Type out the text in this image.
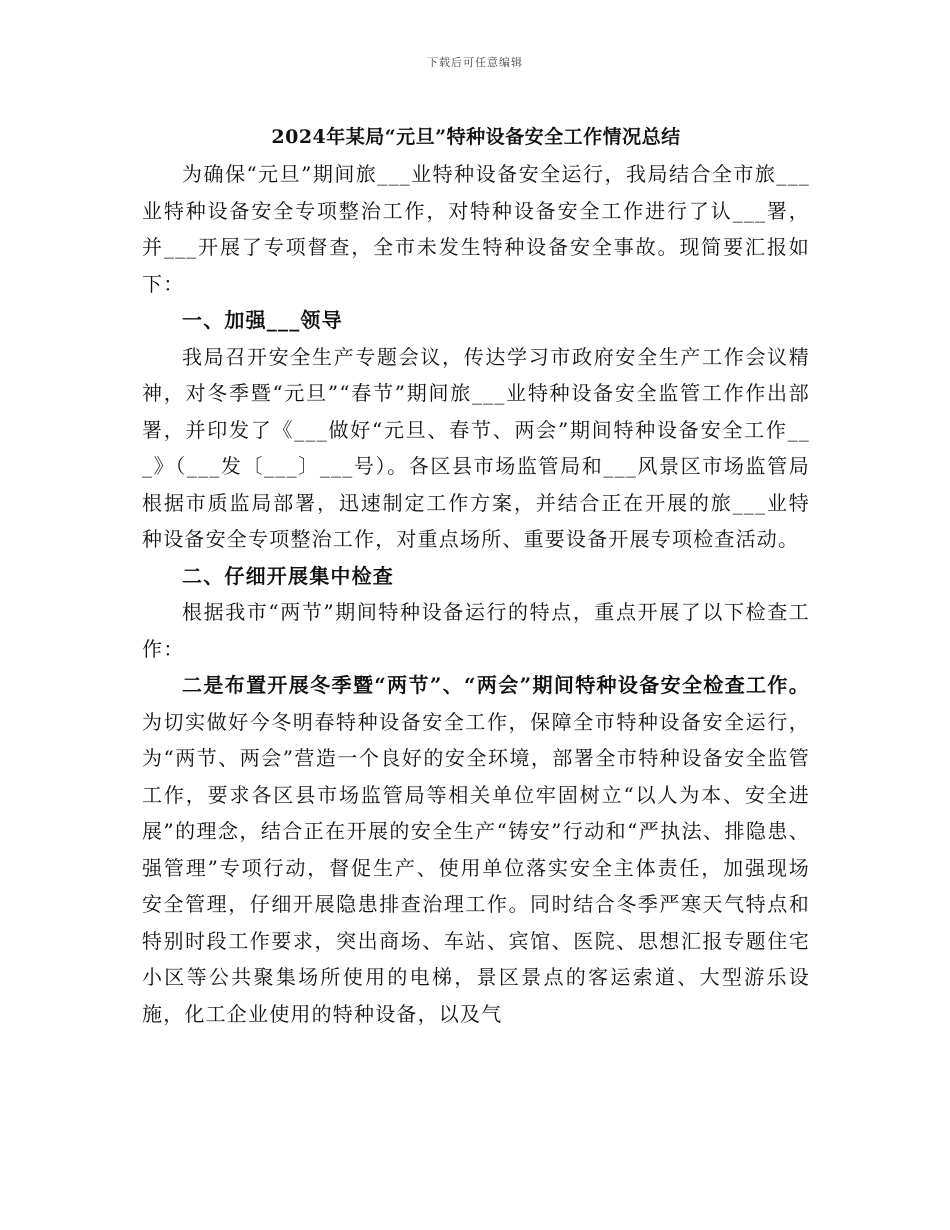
下载后可任意编辑
2024年某局“元旦”特种设备安全工作情况总结

为确保“元旦”期间旅___业特种设备安全运行，我局结合全市旅___业特种设备安全专项整治工作，对特种设备安全工作进行了认___署，并___开展了专项督查，全市未发生特种设备安全事故。现简要汇报如下：

一、加强___领导

我局召开安全生产专题会议，传达学习市政府安全生产工作会议精神，对冬季暨“元旦”“春节”期间旅___业特种设备安全监管工作作出部署，并印发了《___做好“元旦、春节、两会”期间特种设备安全工作___》（___发〔___〕___号）。各区县市场监管局和___风景区市场监管局根据市质监局部署，迅速制定工作方案，并结合正在开展的旅___业特种设备安全专项整治工作，对重点场所、重要设备开展专项检查活动。

二、仔细开展集中检查

根据我市“两节”期间特种设备运行的特点，重点开展了以下检查工作：

二是布置开展冬季暨“两节”、“两会”期间特种设备安全检查工作。为切实做好今冬明春特种设备安全工作，保障全市特种设备安全运行，为“两节、两会”营造一个良好的安全环境，部署全市特种设备安全监管工作，要求各区县市场监管局等相关单位牢固树立“以人为本、安全进展”的理念，结合正在开展的安全生产“铸安”行动和“严执法、排隐患、强管理”专项行动，督促生产、使用单位落实安全主体责任，加强现场安全管理，仔细开展隐患排查治理工作。同时结合冬季严寒天气特点和特别时段工作要求，突出商场、车站、宾馆、医院、思想汇报专题住宅小区等公共聚集场所使用的电梯，景区景点的客运索道、大型游乐设施，化工企业使用的特种设备，以及气
